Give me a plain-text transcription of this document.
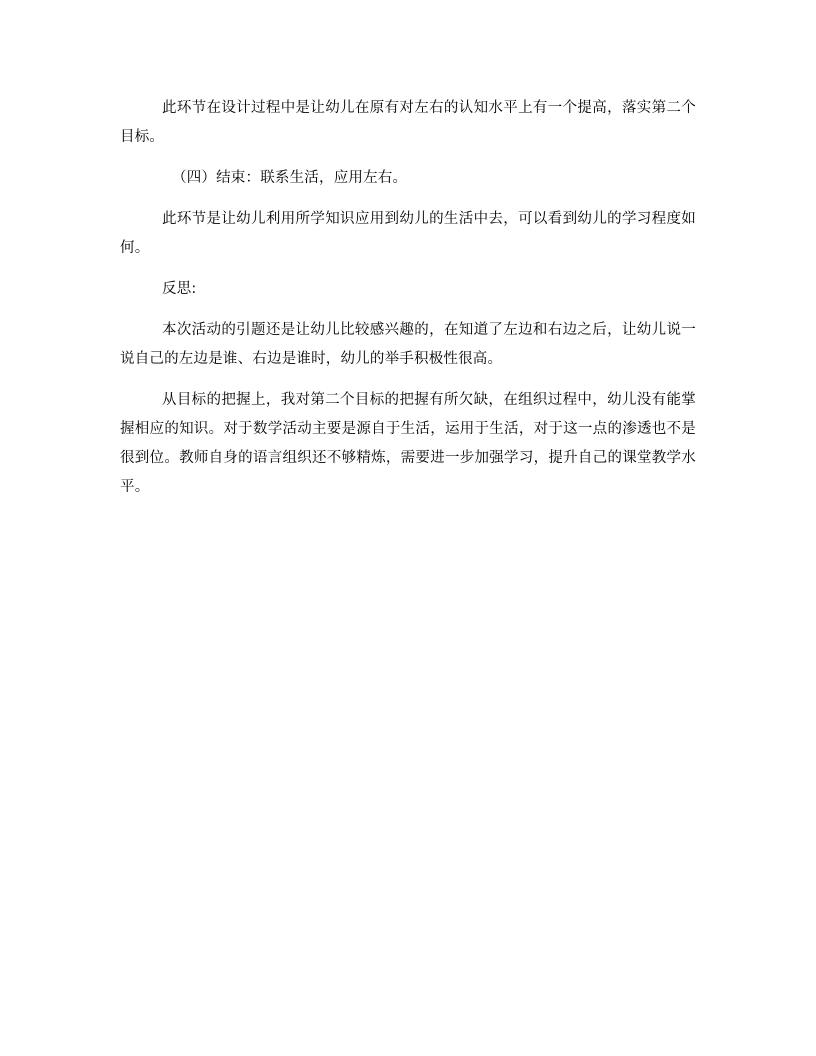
此环节在设计过程中是让幼儿在原有对左右的认知水平上有一个提高，落实第二个目标。

（四）结束：联系生活，应用左右。

此环节是让幼儿利用所学知识应用到幼儿的生活中去，可以看到幼儿的学习程度如何。

反思:

本次活动的引题还是让幼儿比较感兴趣的，在知道了左边和右边之后，让幼儿说一说自己的左边是谁、右边是谁时，幼儿的举手积极性很高。

从目标的把握上，我对第二个目标的把握有所欠缺，在组织过程中，幼儿没有能掌握相应的知识。对于数学活动主要是源自于生活，运用于生活，对于这一点的渗透也不是很到位。教师自身的语言组织还不够精炼，需要进一步加强学习，提升自己的课堂教学水平。
